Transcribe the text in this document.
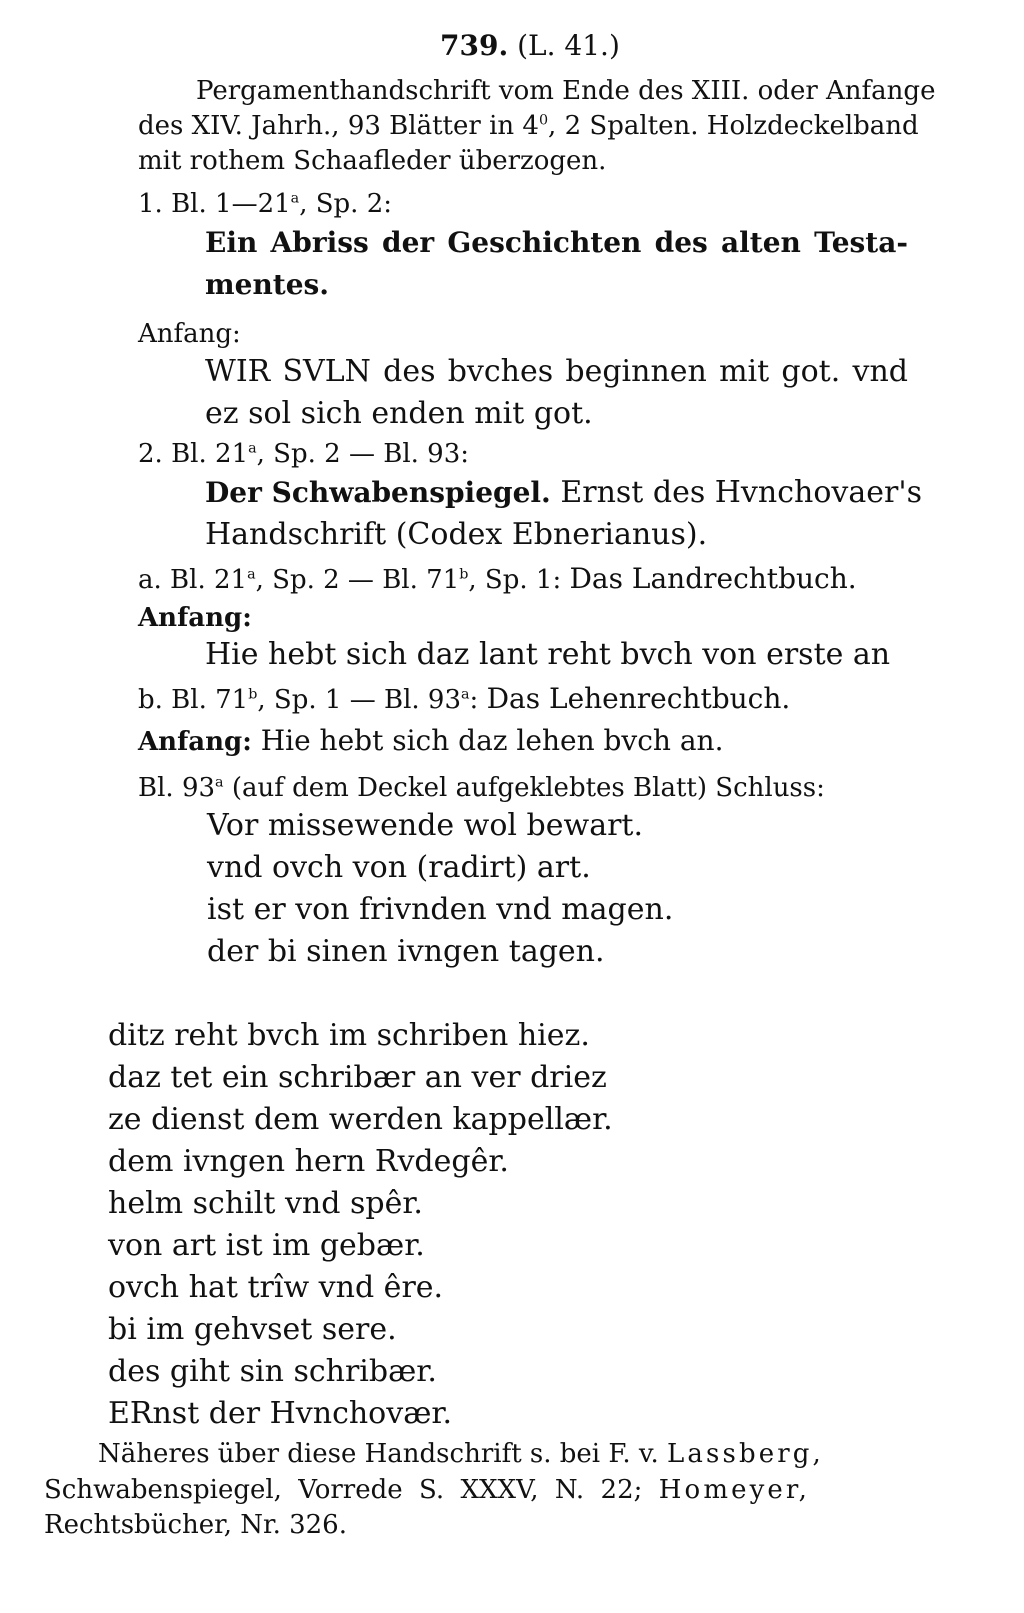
739. (L. 41.)
Pergamenthandschrift vom Ende des XIII. oder Anfange
des XIV. Jahrh., 93 Blätter in $4^0$, 2 Spalten. Holzdeckelband
mit rothem Schaafleder überzogen.
1. Bl. 1—21$^a$, Sp. 2:
Ein Abriss der Geschichten des alten Testa-
mentes.
Anfang:
WIR SVLN des bvches beginnen mit got. vnd
ez sol sich enden mit got.
2. Bl. 21$^a$, Sp. 2 — Bl. 93:
Der Schwabenspiegel. Ernst des Hvnchovaer's
Handschrift (Codex Ebnerianus).
a. Bl. 21$^a$, Sp. 2 — Bl. 71$^b$, Sp. 1: Das Landrechtbuch.
Anfang:
Hie hebt sich daz lant reht bvch von erste an
b. Bl. 71$^b$, Sp. 1 — Bl. 93$^a$: Das Lehenrechtbuch.
Anfang: Hie hebt sich daz lehen bvch an.
Bl. 93$^a$ (auf dem Deckel aufgeklebtes Blatt) Schluss:
Vor missewende wol bewart.
vnd ovch von (radirt) art.
ist er von frivnden vnd magen.
der bi sinen ivngen tagen.
ditz reht bvch im schriben hiez.
daz tet ein schribær an ver driez
ze dienst dem werden kappellær.
dem ivngen hern Rvdegêr.
helm schilt vnd spêr.
von art ist im gebær.
ovch hat trîw vnd êre.
bi im gehvset sere.
des giht sin schribær.
ERnst der Hvnchovær.
Näheres über diese Handschrift s. bei F. v. Lassberg,
Schwabenspiegel, Vorrede S. XXXV, N. 22; Homeyer,
Rechtsbücher, Nr. 326.
